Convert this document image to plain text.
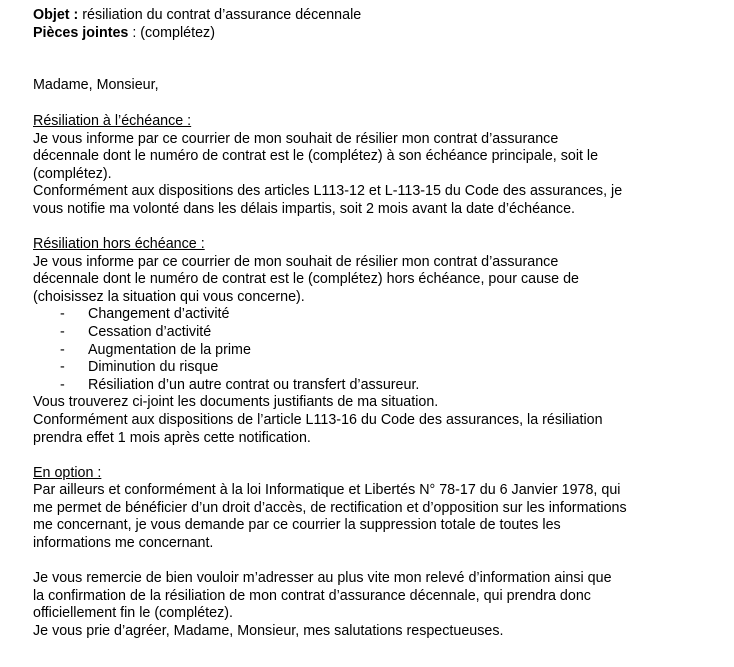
Objet : résiliation du contrat d’assurance décennale
Pièces jointes : (complétez)
Madame, Monsieur,
Résiliation à l’échéance :
Je vous informe par ce courrier de mon souhait de résilier mon contrat d’assurance
décennale dont le numéro de contrat est le (complétez) à son échéance principale, soit le
(complétez).
Conformément aux dispositions des articles L113-12 et L-113-15 du Code des assurances, je
vous notifie ma volonté dans les délais impartis, soit 2 mois avant la date d’échéance.
Résiliation hors échéance :
Je vous informe par ce courrier de mon souhait de résilier mon contrat d’assurance
décennale dont le numéro de contrat est le (complétez) hors échéance, pour cause de
(choisissez la situation qui vous concerne).
- Changement d’activité
- Cessation d’activité
- Augmentation de la prime
- Diminution du risque
- Résiliation d’un autre contrat ou transfert d’assureur.
Vous trouverez ci-joint les documents justifiants de ma situation.
Conformément aux dispositions de l’article L113-16 du Code des assurances, la résiliation
prendra effet 1 mois après cette notification.
En option :
Par ailleurs et conformément à la loi Informatique et Libertés N° 78-17 du 6 Janvier 1978, qui
me permet de bénéficier d’un droit d’accès, de rectification et d’opposition sur les informations
me concernant, je vous demande par ce courrier la suppression totale de toutes les
informations me concernant.
Je vous remercie de bien vouloir m’adresser au plus vite mon relevé d’information ainsi que
la confirmation de la résiliation de mon contrat d’assurance décennale, qui prendra donc
officiellement fin le (complétez).
Je vous prie d’agréer, Madame, Monsieur, mes salutations respectueuses.
